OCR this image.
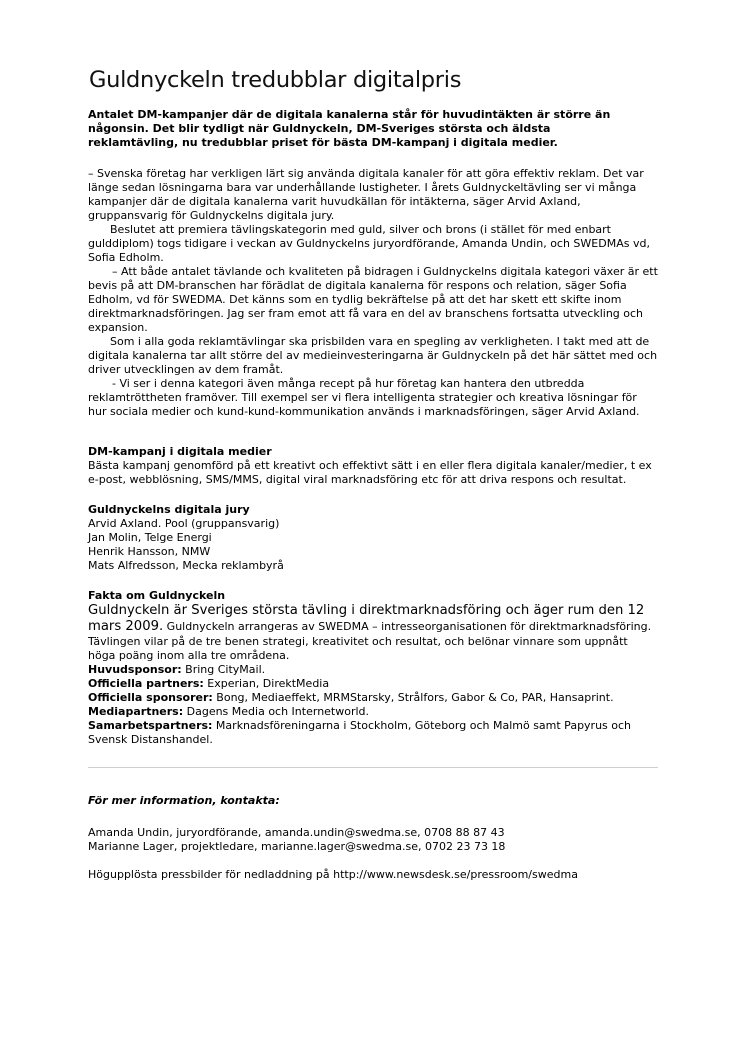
Guldnyckeln tredubblar digitalpris

Antalet DM-kampanjer där de digitala kanalerna står för huvudintäkten är större än någonsin. Det blir tydligt när Guldnyckeln, DM-Sveriges största och äldsta reklamtävling, nu tredubblar priset för bästa DM-kampanj i digitala medier.

– Svenska företag har verkligen lärt sig använda digitala kanaler för att göra effektiv reklam. Det var länge sedan lösningarna bara var underhållande lustigheter. I årets Guldnyckeltävling ser vi många kampanjer där de digitala kanalerna varit huvudkällan för intäkterna, säger Arvid Axland, gruppansvarig för Guldnyckelns digitala jury.

Beslutet att premiera tävlingskategorin med guld, silver och brons (i stället för med enbart gulddiplom) togs tidigare i veckan av Guldnyckelns juryordförande, Amanda Undin, och SWEDMAs vd, Sofia Edholm.

– Att både antalet tävlande och kvaliteten på bidragen i Guldnyckelns digitala kategori växer är ett bevis på att DM-branschen har förädlat de digitala kanalerna för respons och relation, säger Sofia Edholm, vd för SWEDMA. Det känns som en tydlig bekräftelse på att det har skett ett skifte inom direktmarknadsföringen. Jag ser fram emot att få vara en del av branschens fortsatta utveckling och expansion.

Som i alla goda reklamtävlingar ska prisbilden vara en spegling av verkligheten. I takt med att de digitala kanalerna tar allt större del av medieinvesteringarna är Guldnyckeln på det här sättet med och driver utvecklingen av dem framåt.

- Vi ser i denna kategori även många recept på hur företag kan hantera den utbredda reklamtröttheten framöver. Till exempel ser vi flera intelligenta strategier och kreativa lösningar för hur sociala medier och kund-kund-kommunikation används i marknadsföringen, säger Arvid Axland.

DM-kampanj i digitala medier

Bästa kampanj genomförd på ett kreativt och effektivt sätt i en eller flera digitala kanaler/medier, t ex e-post, webblösning, SMS/MMS, digital viral marknadsföring etc för att driva respons och resultat.

Guldnyckelns digitala jury
Arvid Axland. Pool (gruppansvarig)
Jan Molin, Telge Energi
Henrik Hansson, NMW
Mats Alfredsson, Mecka reklambyrå
Fakta om Guldnyckeln

Guldnyckeln är Sveriges största tävling i direktmarknadsföring och äger rum den 12 mars 2009. Guldnyckeln arrangeras av SWEDMA – intresseorganisationen för direktmarknadsföring. Tävlingen vilar på de tre benen strategi, kreativitet och resultat, och belönar vinnare som uppnått höga poäng inom alla tre områdena.

Huvudsponsor: Bring CityMail.
Officiella partners: Experian, DirektMedia
Officiella sponsorer: Bong, Mediaeffekt, MRMStarsky, Strålfors, Gabor & Co, PAR, Hansaprint.
Mediapartners: Dagens Media och Internetworld.
Samarbetspartners: Marknadsföreningarna i Stockholm, Göteborg och Malmö samt Papyrus och Svensk Distanshandel.
För mer information, kontakta:
Amanda Undin, juryordförande, amanda.undin@swedma.se, 0708 88 87 43
Marianne Lager, projektledare, marianne.lager@swedma.se, 0702 23 73 18
Högupplösta pressbilder för nedladdning på http://www.newsdesk.se/pressroom/swedma
